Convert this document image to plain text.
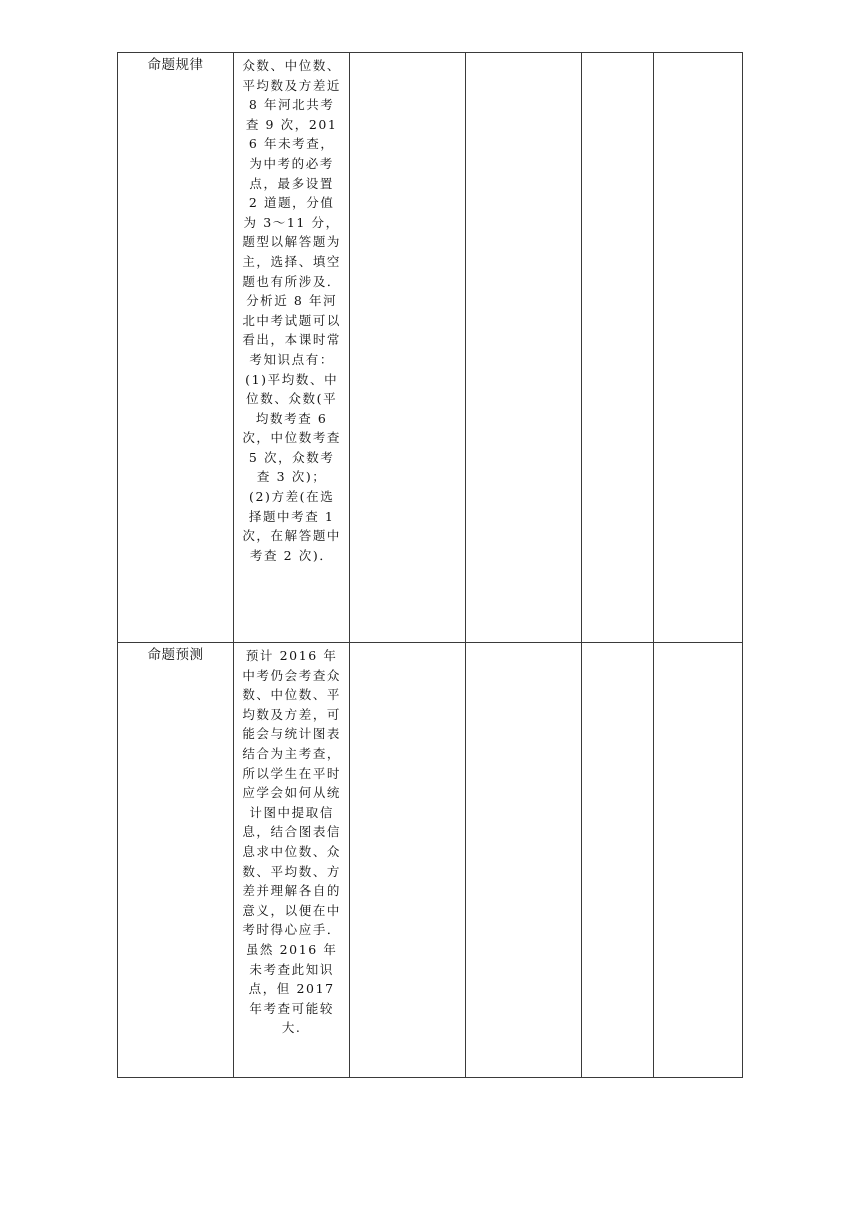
命题规律	众数、中位数、平均数及方差近 8 年河北共考查 9 次，2016 年未考查，为中考的必考点，最多设置 2 道题，分值为 3～11 分，题型以解答题为主，选择、填空题也有所涉及．分析近 8 年河北中考试题可以看出，本课时常考知识点有：
(1)平均数、中位数、众数(平均数考查 6 次，中位数考查 5 次，众数考查 3 次)；
(2)方差(在选择题中考查 1 次，在解答题中考查 2 次)．				

命题预测	预计 2016 年中考仍会考查众数、中位数、平均数及方差，可能会与统计图表结合为主考查，所以学生在平时应学会如何从统计图中提取信息，结合图表信息求中位数、众数、平均数、方差并理解各自的意义，以便在中考时得心应手．虽然 2016 年未考查此知识点，但 2017 年考查可能较大.				
